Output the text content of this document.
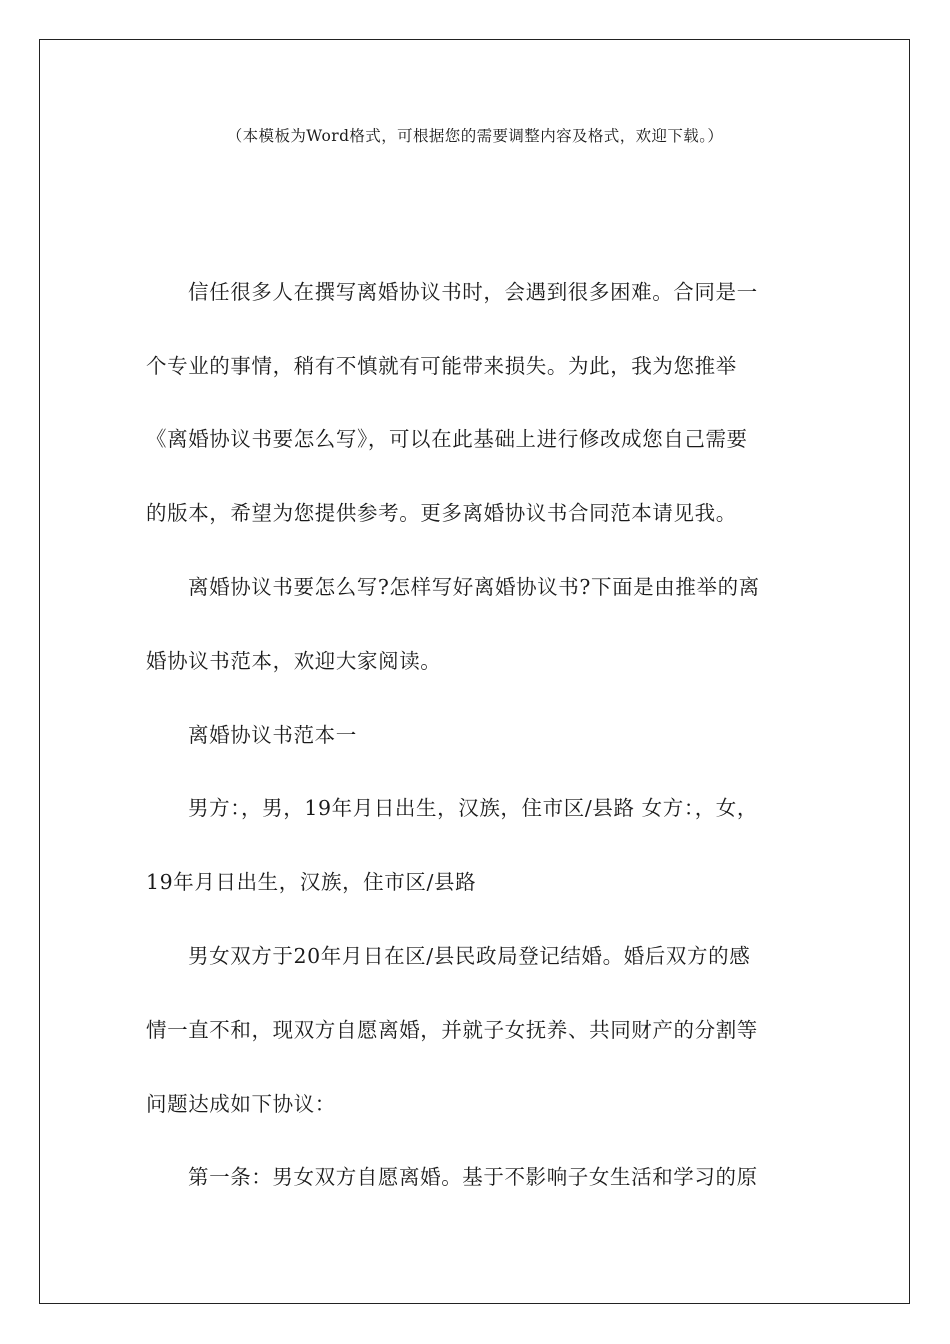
（本模板为Word格式，可根据您的需要调整内容及格式，欢迎下载。）
信任很多人在撰写离婚协议书时，会遇到很多困难。合同是一
个专业的事情，稍有不慎就有可能带来损失。为此，我为您推举
《离婚协议书要怎么写》，可以在此基础上进行修改成您自己需要
的版本，希望为您提供参考。更多离婚协议书合同范本请见我。
离婚协议书要怎么写?怎样写好离婚协议书?下面是由推举的离
婚协议书范本，欢迎大家阅读。
离婚协议书范本一
男方：，男，19年月日出生，汉族，住市区/县路 女方：，女，
19年月日出生，汉族，住市区/县路
男女双方于20年月日在区/县民政局登记结婚。婚后双方的感
情一直不和，现双方自愿离婚，并就子女抚养、共同财产的分割等
问题达成如下协议：
第一条：男女双方自愿离婚。基于不影响子女生活和学习的原
